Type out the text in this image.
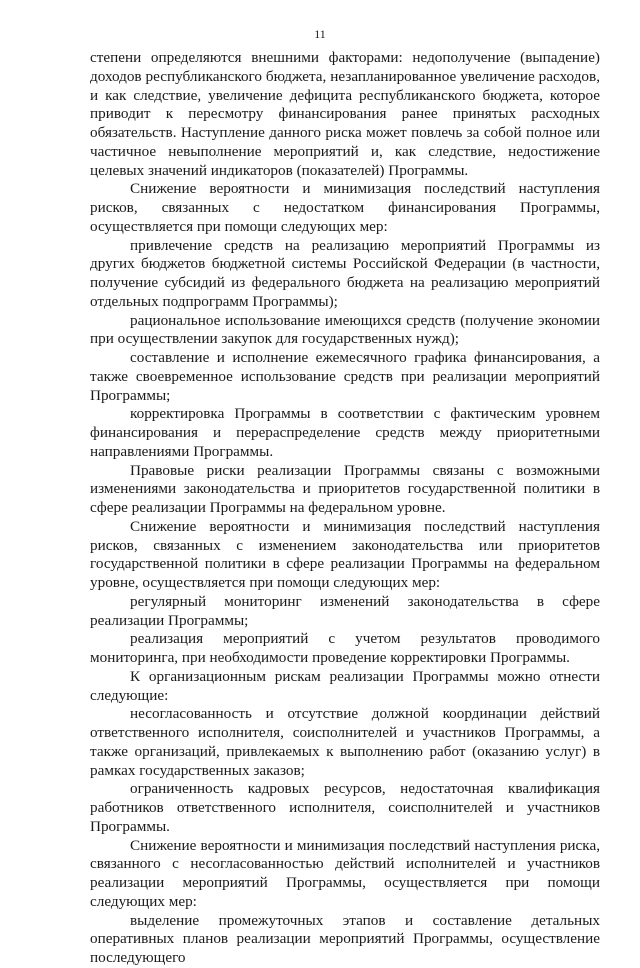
11

степени определяются внешними факторами: недополучение (выпадение) доходов республиканского бюджета, незапланированное увеличение расходов, и как следствие, увеличение дефицита республиканского бюджета, которое приводит к пересмотру финансирования ранее принятых расходных обязательств. Наступление данного риска может повлечь за собой полное или частичное невыполнение мероприятий и, как следствие, недостижение целевых значений индикаторов (показателей) Программы.

Снижение вероятности и минимизация последствий наступления рисков, связанных с недостатком финансирования Программы, осуществляется при помощи следующих мер:

привлечение средств на реализацию мероприятий Программы из других бюджетов бюджетной системы Российской Федерации (в частности, получение субсидий из федерального бюджета на реализацию мероприятий отдельных подпрограмм Программы);

рациональное использование имеющихся средств (получение экономии при осуществлении закупок для государственных нужд);

составление и исполнение ежемесячного графика финансирования, а также своевременное использование средств при реализации мероприятий Программы;

корректировка Программы в соответствии с фактическим уровнем финансирования и перераспределение средств между приоритетными направлениями Программы.

Правовые риски реализации Программы связаны с возможными изменениями законодательства и приоритетов государственной политики в сфере реализации Программы на федеральном уровне.

Снижение вероятности и минимизация последствий наступления рисков, связанных с изменением законодательства или приоритетов государственной политики в сфере реализации Программы на федеральном уровне, осуществляется при помощи следующих мер:

регулярный мониторинг изменений законодательства в сфере реализации Программы;

реализация мероприятий с учетом результатов проводимого мониторинга, при необходимости проведение корректировки Программы.

К организационным рискам реализации Программы можно отнести следующие:

несогласованность и отсутствие должной координации действий ответственного исполнителя, соисполнителей и участников Программы, а также организаций, привлекаемых к выполнению работ (оказанию услуг) в рамках государственных заказов;

ограниченность кадровых ресурсов, недостаточная квалификация работников ответственного исполнителя, соисполнителей и участников Программы.

Снижение вероятности и минимизация последствий наступления риска, связанного с несогласованностью действий исполнителей и участников реализации мероприятий Программы, осуществляется при помощи следующих мер:

выделение промежуточных этапов и составление детальных оперативных планов реализации мероприятий Программы, осуществление последующего
